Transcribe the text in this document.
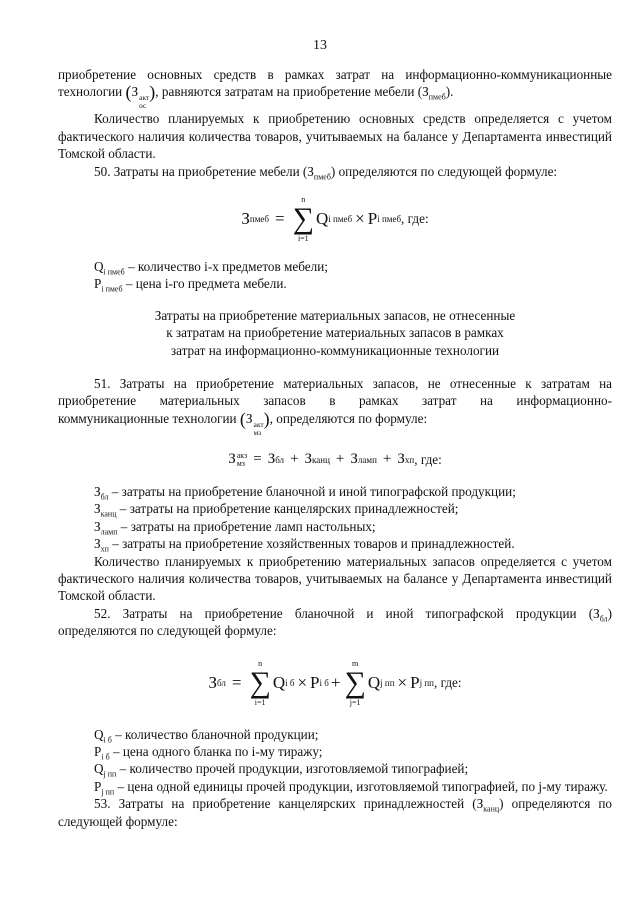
13

приобретение основных средств в рамках затрат на информационно-коммуникационные

технологии (З акт
ос
), равняются затратам на приобретение мебели $(З_{пмеб})$.

Количество планируемых к приобретению основных средств определяется с учетом фактического наличия количества товаров, учитываемых на балансе у Департамента инвестиций Томской области.

50. Затраты на приобретение мебели $(З_{пмеб})$ определяются по следующей формуле:

З пмеб =
n
∑
i=1
Q i пмеб × P i пмеб , где:

$Q_{i пмеб}$ – количество i-х предметов мебели;

$P_{i пмеб}$ – цена i-го предмета мебели.

Затраты на приобретение материальных запасов, не отнесенные
к затратам на приобретение материальных запасов в рамках
затрат на информационно-коммуникационные технологии

51. Затраты на приобретение материальных запасов, не отнесенные к затратам на

приобретение материальных запасов в рамках затрат на информационно-

коммуникационные технологии (З акт
мз
), определяются по формуле:

З акз
мз = З бл + З канц + З ламп + З хп , где:

$З_{бл}$ – затраты на приобретение бланочной и иной типографской продукции;

$З_{канц}$ – затраты на приобретение канцелярских принадлежностей;

$З_{ламп}$ – затраты на приобретение ламп настольных;

$З_{хп}$ – затраты на приобретение хозяйственных товаров и принадлежностей.

Количество планируемых к приобретению материальных запасов определяется с учетом фактического наличия количества товаров, учитываемых на балансе у Департамента инвестиций Томской области.

52. Затраты на приобретение бланочной и иной типографской продукции $(З_{бл})$ определяются по следующей формуле:

З бл =
n
∑
i=1
Q i б × P i б +
m
∑
j=1
Q j пп × P j пп , где:

$Q_{i б}$ – количество бланочной продукции;

$P_{i б}$ – цена одного бланка по i-му тиражу;

$Q_{j пп}$ – количество прочей продукции, изготовляемой типографией;

$P_{j пп}$ – цена одной единицы прочей продукции, изготовляемой типографией, по j-му тиражу.

53. Затраты на приобретение канцелярских принадлежностей $(З_{канц})$ определяются по следующей формуле:
